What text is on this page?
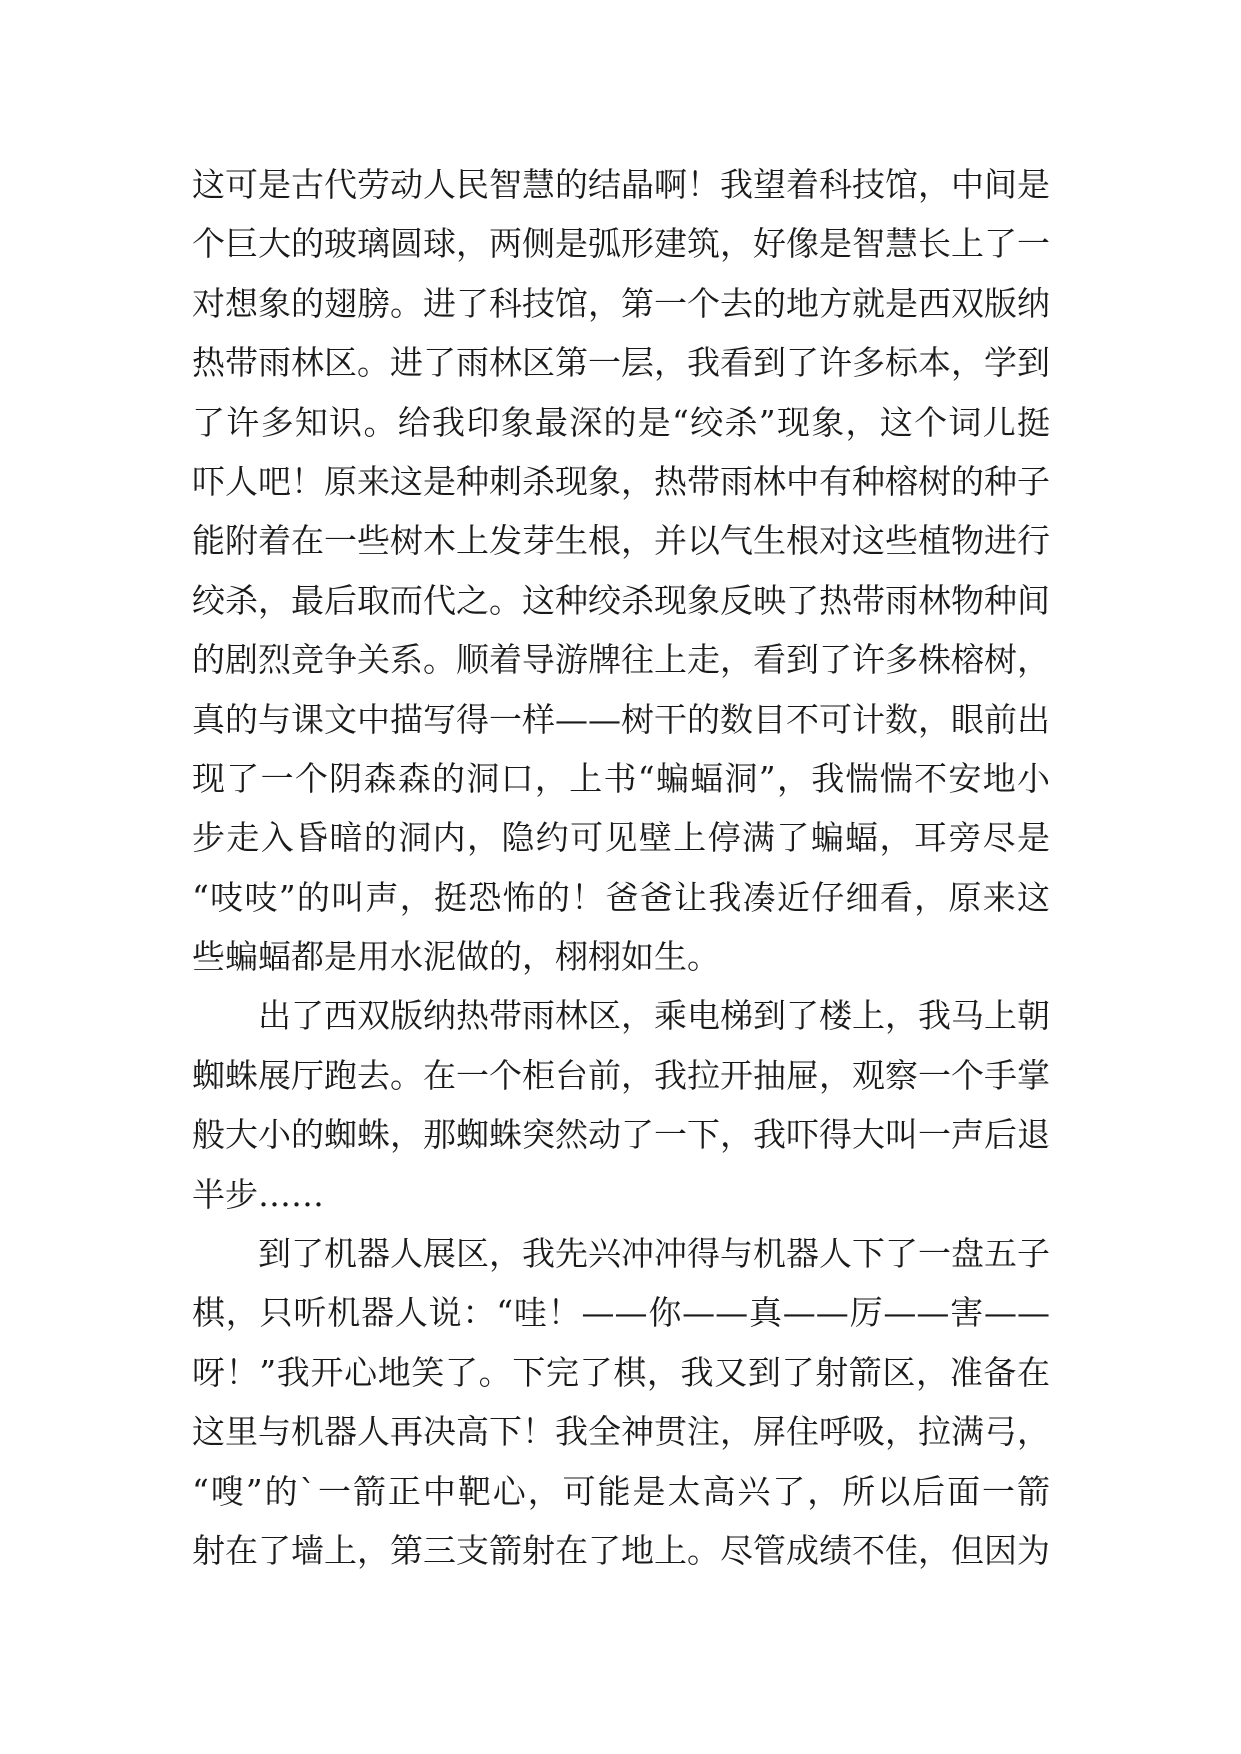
这可是古代劳动人民智慧的结晶啊！我望着科技馆，中间是
个巨大的玻璃圆球，两侧是弧形建筑，好像是智慧长上了一
对想象的翅膀。进了科技馆，第一个去的地方就是西双版纳
热带雨林区。进了雨林区第一层，我看到了许多标本，学到
了许多知识。给我印象最深的是“绞杀”现象，这个词儿挺
吓人吧！原来这是种刺杀现象，热带雨林中有种榕树的种子
能附着在一些树木上发芽生根，并以气生根对这些植物进行
绞杀，最后取而代之。这种绞杀现象反映了热带雨林物种间
的剧烈竞争关系。顺着导游牌往上走，看到了许多株榕树，
真的与课文中描写得一样——树干的数目不可计数，眼前出
现了一个阴森森的洞口，上书“蝙蝠洞”，我惴惴不安地小
步走入昏暗的洞内，隐约可见壁上停满了蝙蝠，耳旁尽是
“吱吱”的叫声，挺恐怖的！爸爸让我凑近仔细看，原来这
些蝙蝠都是用水泥做的，栩栩如生。
出了西双版纳热带雨林区，乘电梯到了楼上，我马上朝
蜘蛛展厅跑去。在一个柜台前，我拉开抽屉，观察一个手掌
般大小的蜘蛛，那蜘蛛突然动了一下，我吓得大叫一声后退
半步……
到了机器人展区，我先兴冲冲得与机器人下了一盘五子
棋，只听机器人说：“哇！——你——真——厉——害——
呀！”我开心地笑了。下完了棋，我又到了射箭区，准备在
这里与机器人再决高下！我全神贯注，屏住呼吸，拉满弓，
“嗖”的`一箭正中靶心，可能是太高兴了，所以后面一箭
射在了墙上，第三支箭射在了地上。尽管成绩不佳，但因为
